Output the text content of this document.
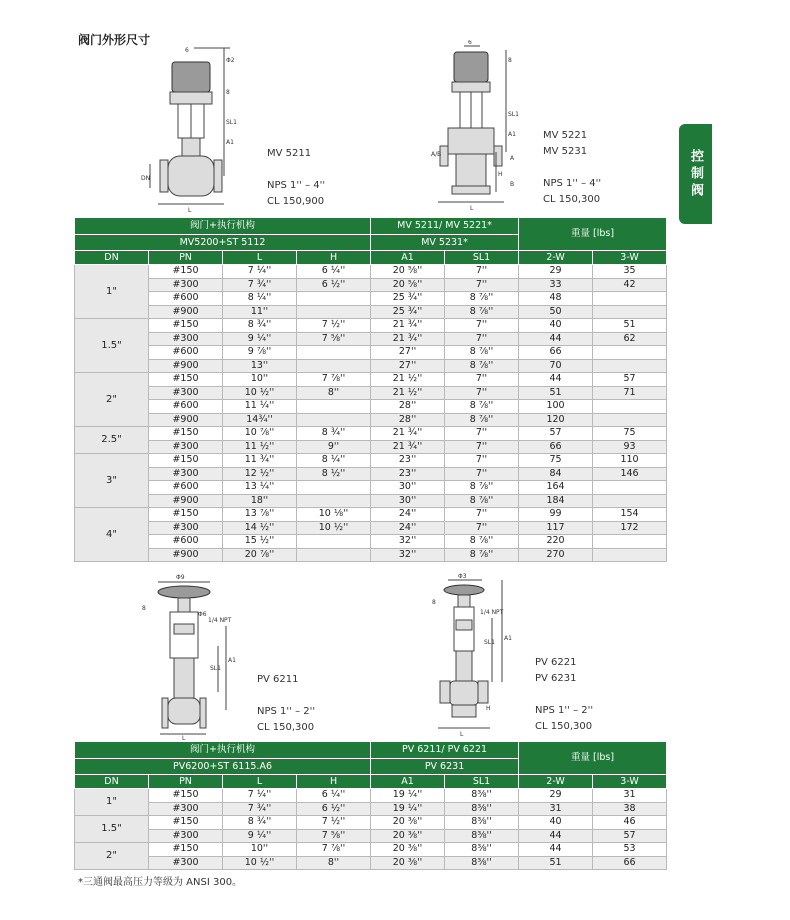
阀门外形尺寸
控制阀
6
Φ2
8
SL1
A1
DN
L
MV 5211
NPS 1'' – 4''
CL 150,900
6
8
SL1
A1
A/B
A
B
H
L
MV 5221
MV 5231
NPS 1'' – 4''
CL 150,300
阀门+执行机构				MV 5211/ MV 5221*		重量 [lbs]	
MV5200+ST 5112				MV 5231*			
DN	PN	L	H	A1	SL1	2-W	3-W
1"	#150	7 ¼''	6 ¼''	20 ⅝''	7''	29	35
	#300	7 ¾''	6 ½''	20 ⅝''	7''	33	42
	#600	8 ¼''		25 ¾''	8 ⅞''	48	
	#900	11''		25 ¾''	8 ⅞''	50	
1.5"	#150	8 ¾''	7 ½''	21 ¾''	7''	40	51
	#300	9 ¼''	7 ⅝''	21 ¾''	7''	44	62
	#600	9 ⅞''		27''	8 ⅞''	66	
	#900	13''		27''	8 ⅞''	70	
2"	#150	10''	7 ⅞''	21 ½''	7''	44	57
	#300	10 ½''	8''	21 ½''	7''	51	71
	#600	11 ¼''		28''	8 ⅞''	100	
	#900	14¾''		28''	8 ⅞''	120	
2.5"	#150	10 ⅞''	8 ¾''	21 ¾''	7''	57	75
	#300	11 ½''	9''	21 ¾''	7''	66	93
3"	#150	11 ¾''	8 ¼''	23''	7''	75	110
	#300	12 ½''	8 ½''	23''	7''	84	146
	#600	13 ¼''		30''	8 ⅞''	164	
	#900	18''		30''	8 ⅞''	184	
4"	#150	13 ⅞''	10 ⅛''	24''	7''	99	154
	#300	14 ½''	10 ½''	24''	7''	117	172
	#600	15 ½''		32''	8 ⅞''	220	
	#900	20 ⅞''		32''	8 ⅞''	270	
Φ9
8
Φ6
1/4 NPT
SL1
A1
L
PV 6211
NPS 1'' – 2''
CL 150,300
Φ3
8
1/4 NPT
SL1
A1
H
L
PV 6221
PV 6231
NPS 1'' – 2''
CL 150,300
阀门+执行机构				PV 6211/ PV 6221		重量 [lbs]	
PV6200+ST 6115.A6				PV 6231			
DN	PN	L	H	A1	SL1	2-W	3-W
1"	#150	7 ¼''	6 ¼''	19 ¼''	8⅜''	29	31
	#300	7 ¾''	6 ½''	19 ¼''	8⅜''	31	38
1.5"	#150	8 ¾''	7 ½''	20 ⅜''	8⅜''	40	46
	#300	9 ¼''	7 ⅝''	20 ⅜''	8⅜''	44	57
2"	#150	10''	7 ⅞''	20 ⅜''	8⅜''	44	53
	#300	10 ½''	8''	20 ⅜''	8⅜''	51	66
*三通阀最高压力等级为 ANSI 300。
